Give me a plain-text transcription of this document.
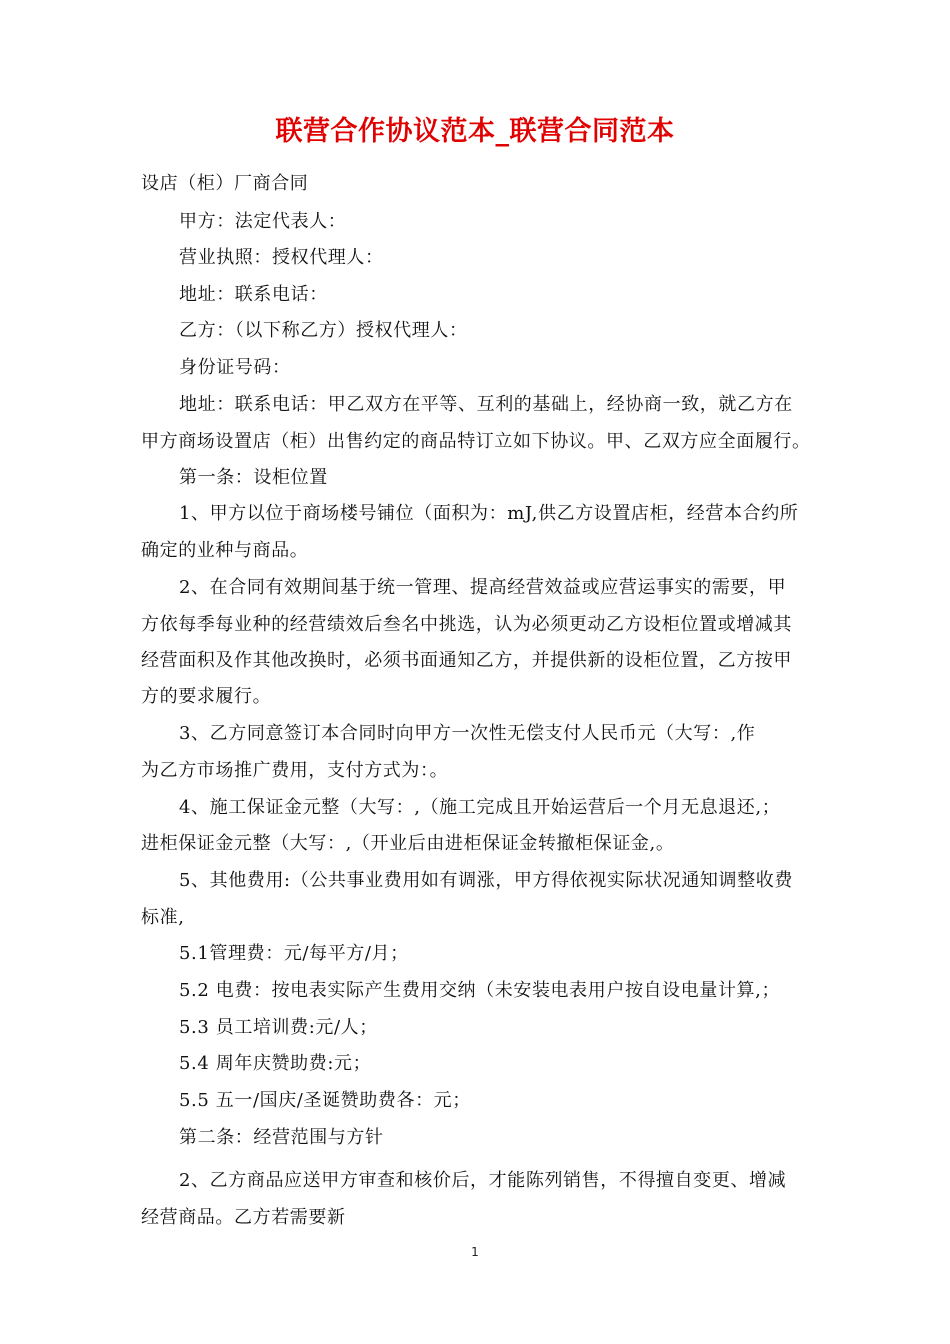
联营合作协议范本_联营合同范本
设店（柜）厂商合同
甲方：法定代表人：
营业执照：授权代理人：
地址：联系电话：
乙方：（以下称乙方）授权代理人：
身份证号码：
地址：联系电话：甲乙双方在平等、互利的基础上，经协商一致，就乙方在
甲方商场设置店（柜）出售约定的商品特订立如下协议。甲、乙双方应全面履行。
第一条：设柜位置
1、甲方以位于商场楼号铺位（面积为：mJ,供乙方设置店柜，经营本合约所
确定的业种与商品。
2、在合同有效期间基于统一管理、提高经营效益或应营运事实的需要，甲
方依每季每业种的经营绩效后叁名中挑选，认为必须更动乙方设柜位置或增减其
经营面积及作其他改换时，必须书面通知乙方，并提供新的设柜位置，乙方按甲
方的要求履行。
3、乙方同意签订本合同时向甲方一次性无偿支付人民币元（大写：,作
为乙方市场推广费用，支付方式为：。
4、施工保证金元整（大写：,（施工完成且开始运营后一个月无息退还,；
进柜保证金元整（大写：,（开业后由进柜保证金转撤柜保证金,。
5、其他费用:（公共事业费用如有调涨，甲方得依视实际状况通知调整收费
标准,
5.1管理费：元/每平方/月；
5.2 电费：按电表实际产生费用交纳（未安装电表用户按自设电量计算,；
5.3 员工培训费:元/人；
5.4 周年庆赞助费:元；
5.5 五一/国庆/圣诞赞助费各：元；
第二条：经营范围与方针
2、乙方商品应送甲方审查和核价后，才能陈列销售，不得擅自变更、增减
经营商品。乙方若需要新
1
